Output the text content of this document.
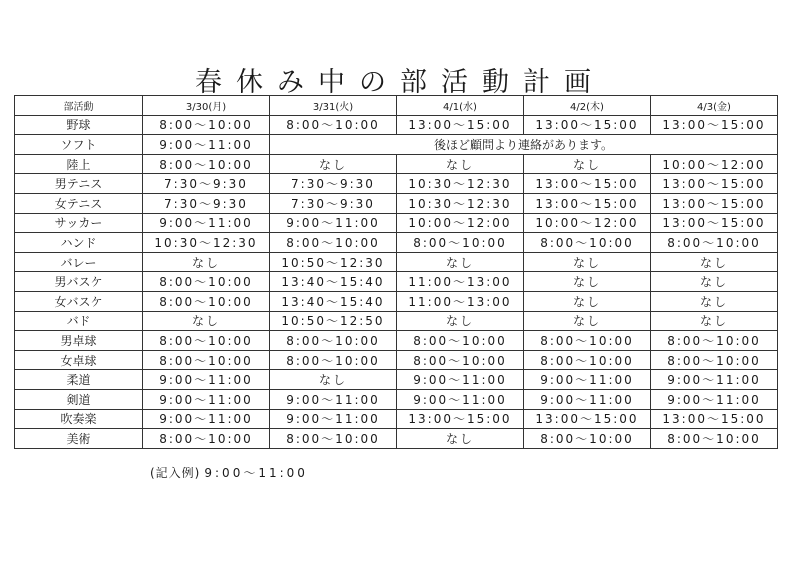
春休み中の部活動計画
部活動	3/30(月)	3/31(火)	4/1(水)	4/2(木)	4/3(金)
野球	8:00〜10:00	8:00〜10:00	13:00〜15:00	13:00〜15:00	13:00〜15:00
ソフト	9:00〜11:00	後ほど顧問より連絡があります。			
陸上	8:00〜10:00	なし	なし	なし	10:00〜12:00
男テニス	7:30〜9:30	7:30〜9:30	10:30〜12:30	13:00〜15:00	13:00〜15:00
女テニス	7:30〜9:30	7:30〜9:30	10:30〜12:30	13:00〜15:00	13:00〜15:00
サッカー	9:00〜11:00	9:00〜11:00	10:00〜12:00	10:00〜12:00	13:00〜15:00
ハンド	10:30〜12:30	8:00〜10:00	8:00〜10:00	8:00〜10:00	8:00〜10:00
バレー	なし	10:50〜12:30	なし	なし	なし
男バスケ	8:00〜10:00	13:40〜15:40	11:00〜13:00	なし	なし
女バスケ	8:00〜10:00	13:40〜15:40	11:00〜13:00	なし	なし
バド	なし	10:50〜12:50	なし	なし	なし
男卓球	8:00〜10:00	8:00〜10:00	8:00〜10:00	8:00〜10:00	8:00〜10:00
女卓球	8:00〜10:00	8:00〜10:00	8:00〜10:00	8:00〜10:00	8:00〜10:00
柔道	9:00〜11:00	なし	9:00〜11:00	9:00〜11:00	9:00〜11:00
剣道	9:00〜11:00	9:00〜11:00	9:00〜11:00	9:00〜11:00	9:00〜11:00
吹奏楽	9:00〜11:00	9:00〜11:00	13:00〜15:00	13:00〜15:00	13:00〜15:00
美術	8:00〜10:00	8:00〜10:00	なし	8:00〜10:00	8:00〜10:00
(記入例) 9:00〜11:00
